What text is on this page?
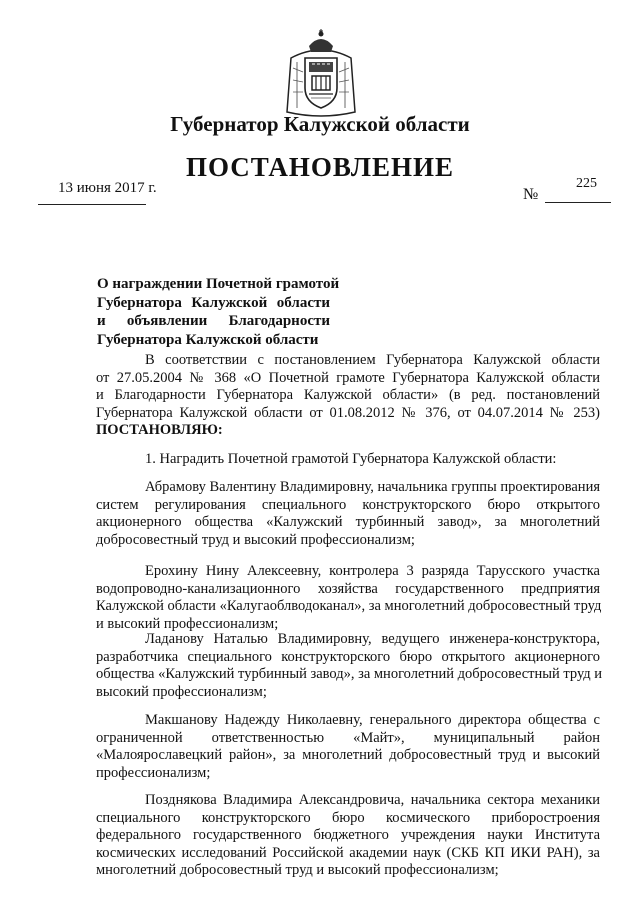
Губернатор Калужской области
ПОСТАНОВЛЕНИЕ
13 июня 2017 г.	№
225
О награждении Почетной грамотой
Губернатора Калужской области
и объявлении Благодарности
Губернатора Калужской области
В соответствии с постановлением Губернатора Калужской области
от 27.05.2004 № 368 «О Почетной грамоте Губернатора Калужской области
и Благодарности Губернатора Калужской области» (в ред. постановлений
Губернатора Калужской области от 01.08.2012 № 376, от 04.07.2014 № 253)
ПОСТАНОВЛЯЮ:
1. Наградить Почетной грамотой Губернатора Калужской области:
Абрамову Валентину Владимировну, начальника группы проектирования
систем регулирования специального конструкторского бюро открытого
акционерного общества «Калужский турбинный завод», за многолетний
добросовестный труд и высокий профессионализм;
Ерохину Нину Алексеевну, контролера 3 разряда Тарусского участка
водопроводно-канализационного хозяйства государственного предприятия
Калужской области «Калугаоблводоканал», за многолетний добросовестный труд
и высокий профессионализм;
Ладанову Наталью Владимировну, ведущего инженера-конструктора,
разработчика специального конструкторского бюро открытого акционерного
общества «Калужский турбинный завод», за многолетний добросовестный труд и
высокий профессионализм;
Макшанову Надежду Николаевну, генерального директора общества с
ограниченной ответственностью «Майт», муниципальный район
«Малоярославецкий район», за многолетний добросовестный труд и высокий
профессионализм;
Позднякова Владимира Александровича, начальника сектора механики
специального конструкторского бюро космического приборостроения
федерального государственного бюджетного учреждения науки Института
космических исследований Российской академии наук (СКБ КП ИКИ РАН), за
многолетний добросовестный труд и высокий профессионализм;
